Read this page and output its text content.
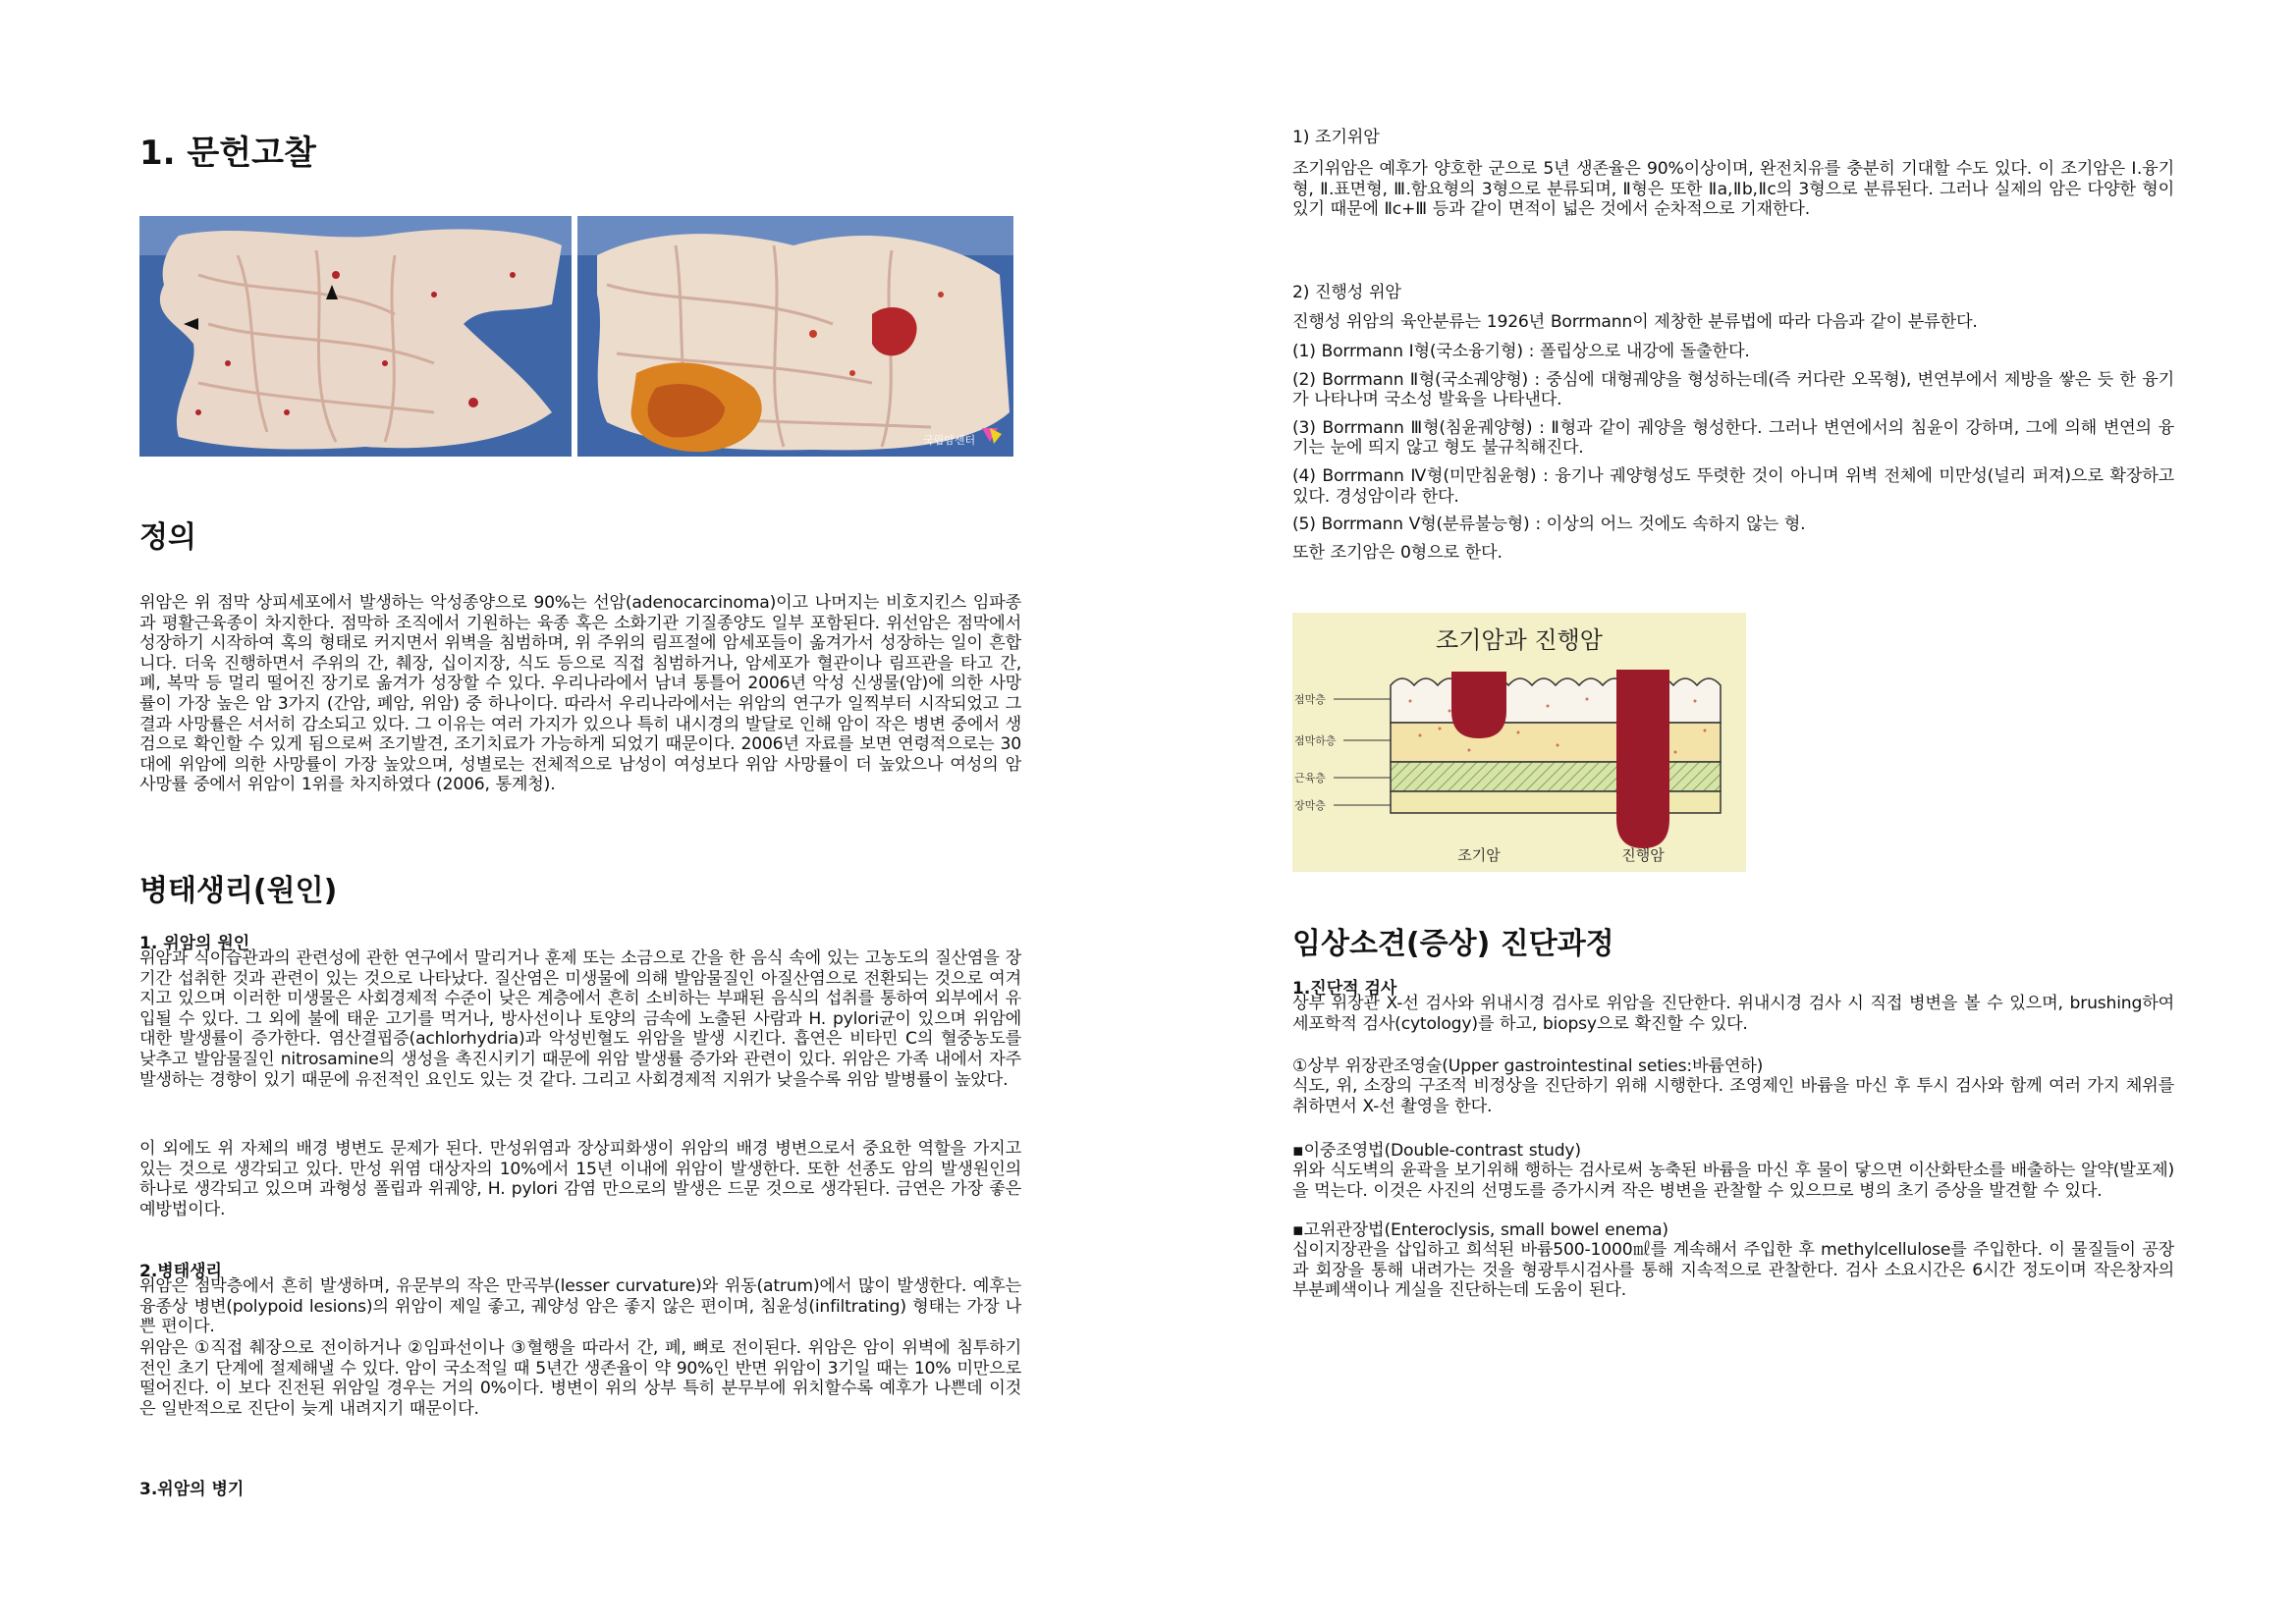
1. 문헌고찰
국립암센터
정의

위암은 위 점막 상피세포에서 발생하는 악성종양으로 90%는 선암(adenocarcinoma)이고 나머지는 비호지킨스 임파종과 평활근육종이 차지한다. 점막하 조직에서 기원하는 육종 혹은 소화기관 기질종양도 일부 포함된다. 위선암은 점막에서 성장하기 시작하여 혹의 형태로 커지면서 위벽을 침범하며, 위 주위의 림프절에 암세포들이 옮겨가서 성장하는 일이 흔합니다. 더욱 진행하면서 주위의 간, 췌장, 십이지장, 식도 등으로 직접 침범하거나, 암세포가 혈관이나 림프관을 타고 간, 폐, 복막 등 멀리 떨어진 장기로 옮겨가 성장할 수 있다. 우리나라에서 남녀 통틀어 2006년 악성 신생물(암)에 의한 사망률이 가장 높은 암 3가지 (간암, 폐암, 위암) 중 하나이다. 따라서 우리나라에서는 위암의 연구가 일찍부터 시작되었고 그 결과 사망률은 서서히 감소되고 있다. 그 이유는 여러 가지가 있으나 특히 내시경의 발달로 인해 암이 작은 병변 중에서 생검으로 확인할 수 있게 됨으로써 조기발견, 조기치료가 가능하게 되었기 때문이다. 2006년 자료를 보면 연령적으로는 30대에 위암에 의한 사망률이 가장 높았으며, 성별로는 전체적으로 남성이 여성보다 위암 사망률이 더 높았으나 여성의 암 사망률 중에서 위암이 1위를 차지하였다 (2006, 통계청).

병태생리(원인)
1. 위암의 원인

위암과 식이습관과의 관련성에 관한 연구에서 말리거나 훈제 또는 소금으로 간을 한 음식 속에 있는 고농도의 질산염을 장기간 섭취한 것과 관련이 있는 것으로 나타났다. 질산염은 미생물에 의해 발암물질인 아질산염으로 전환되는 것으로 여겨지고 있으며 이러한 미생물은 사회경제적 수준이 낮은 계층에서 흔히 소비하는 부패된 음식의 섭취를 통하여 외부에서 유입될 수 있다. 그 외에 불에 태운 고기를 먹거나, 방사선이나 토양의 금속에 노출된 사람과 H. pylori균이 있으며 위암에 대한 발생률이 증가한다. 염산결핍증(achlorhydria)과 악성빈혈도 위암을 발생 시킨다. 흡연은 비타민 C의 혈중농도를 낮추고 발암물질인 nitrosamine의 생성을 촉진시키기 때문에 위암 발생률 증가와 관련이 있다. 위암은 가족 내에서 자주 발생하는 경향이 있기 때문에 유전적인 요인도 있는 것 같다. 그리고 사회경제적 지위가 낮을수록 위암 발병률이 높았다.

이 외에도 위 자체의 배경 병변도 문제가 된다. 만성위염과 장상피화생이 위암의 배경 병변으로서 중요한 역할을 가지고 있는 것으로 생각되고 있다. 만성 위염 대상자의 10%에서 15년 이내에 위암이 발생한다. 또한 선종도 암의 발생원인의 하나로 생각되고 있으며 과형성 폴립과 위궤양, H. pylori 감염 만으로의 발생은 드문 것으로 생각된다. 금연은 가장 좋은 예방법이다.

2.병태생리

위암은 점막층에서 흔히 발생하며, 유문부의 작은 만곡부(lesser curvature)와 위동(atrum)에서 많이 발생한다. 예후는 융종상 병변(polypoid lesions)의 위암이 제일 좋고, 궤양성 암은 좋지 않은 편이며, 침윤성(infiltrating) 형태는 가장 나쁜 편이다.

위암은 ①직접 췌장으로 전이하거나 ②임파선이나 ③혈행을 따라서 간, 폐, 뼈로 전이된다. 위암은 암이 위벽에 침투하기 전인 초기 단계에 절제해낼 수 있다. 암이 국소적일 때 5년간 생존율이 약 90%인 반면 위암이 3기일 때는 10% 미만으로 떨어진다. 이 보다 진전된 위암일 경우는 거의 0%이다. 병변이 위의 상부 특히 분무부에 위치할수록 예후가 나쁜데 이것은 일반적으로 진단이 늦게 내려지기 때문이다.

3.위암의 병기
1) 조기위암

조기위암은 예후가 양호한 군으로 5년 생존율은 90%이상이며, 완전치유를 충분히 기대할 수도 있다. 이 조기암은 Ⅰ.융기형, Ⅱ.표면형, Ⅲ.함요형의 3형으로 분류되며, Ⅱ형은 또한 Ⅱa,Ⅱb,Ⅱc의 3형으로 분류된다. 그러나 실제의 암은 다양한 형이 있기 때문에 Ⅱc+Ⅲ 등과 같이 면적이 넓은 것에서 순차적으로 기재한다.

2) 진행성 위암

진행성 위암의 육안분류는 1926년 Borrmann이 제창한 분류법에 따라 다음과 같이 분류한다.

(1) Borrmann Ⅰ형(국소융기형) : 폴립상으로 내강에 돌출한다.

(2) Borrmann Ⅱ형(국소궤양형) : 중심에 대형궤양을 형성하는데(즉 커다란 오목형), 변연부에서 제방을 쌓은 듯 한 융기가 나타나며 국소성 발육을 나타낸다.

(3) Borrmann Ⅲ형(침윤궤양형) : Ⅱ형과 같이 궤양을 형성한다. 그러나 변연에서의 침윤이 강하며, 그에 의해 변연의 융기는 눈에 띄지 않고 형도 불규칙해진다.

(4) Borrmann Ⅳ형(미만침윤형) : 융기나 궤양형성도 뚜렷한 것이 아니며 위벽 전체에 미만성(널리 퍼져)으로 확장하고 있다. 경성암이라 한다.

(5) Borrmann Ⅴ형(분류불능형) : 이상의 어느 것에도 속하지 않는 형.

또한 조기암은 0형으로 한다.

조기암과 진행암
점막층
점막하층
근육층
장막층
조기암	진행암
임상소견(증상) 진단과정
1.진단적 검사

상부 위장관 X-선 검사와 위내시경 검사로 위암을 진단한다. 위내시경 검사 시 직접 병변을 볼 수 있으며, brushing하여 세포학적 검사(cytology)를 하고, biopsy으로 확진할 수 있다.

①상부 위장관조영술(Upper gastrointestinal seties:바륨연하)

식도, 위, 소장의 구조적 비정상을 진단하기 위해 시행한다. 조영제인 바륨을 마신 후 투시 검사와 함께 여러 가지 체위를 취하면서 X-선 촬영을 한다.

▪이중조영법(Double-contrast study)

위와 식도벽의 윤곽을 보기위해 행하는 검사로써 농축된 바륨을 마신 후 물이 닿으면 이산화탄소를 배출하는 알약(발포제)을 먹는다. 이것은 사진의 선명도를 증가시켜 작은 병변을 관찰할 수 있으므로 병의 초기 증상을 발견할 수 있다.

▪고위관장법(Enteroclysis, small bowel enema)

십이지장관을 삽입하고 희석된 바륨500-1000㎖를 계속해서 주입한 후 methylcellulose를 주입한다. 이 물질들이 공장과 회장을 통해 내려가는 것을 형광투시검사를 통해 지속적으로 관찰한다. 검사 소요시간은 6시간 정도이며 작은창자의 부분폐색이나 게실을 진단하는데 도움이 된다.
